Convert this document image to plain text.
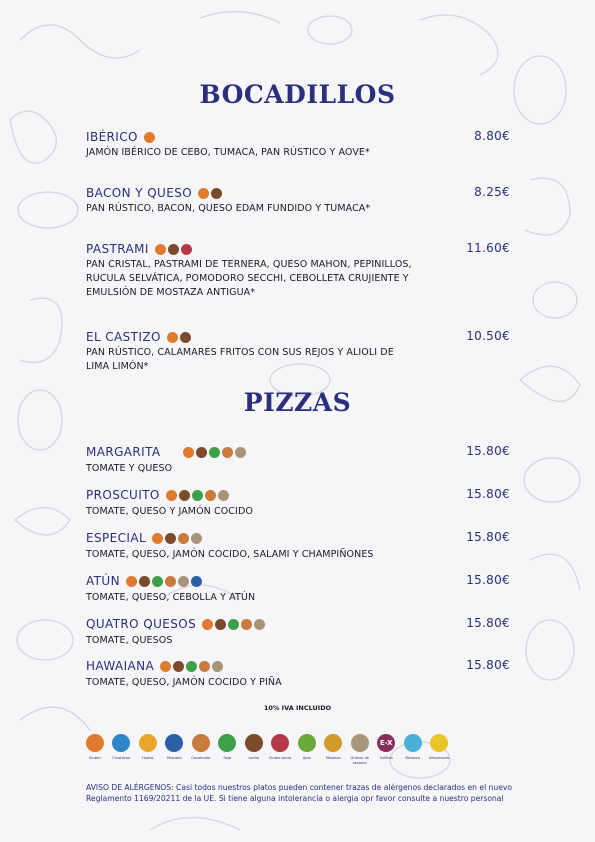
BOCADILLOS
IBÉRICO	8.80€
JAMÓN IBÉRICO DE CEBO, TUMACA, PAN RÚSTICO Y AOVE*
BACON Y QUESO	8.25€
PAN RÚSTICO, BACON, QUESO EDAM FUNDIDO Y TUMACA*
PASTRAMI	11.60€
PAN CRISTAL, PASTRAMI DE TERNERA, QUESO MAHON, PEPINILLOS,
RUCULA SELVÁTICA, POMODORO SECCHI, CEBOLLETA CRUJIENTE Y
EMULSIÓN DE MOSTAZA ANTIGUA*
EL CASTIZO	10.50€
PAN RÚSTICO, CALAMARES FRITOS CON SUS REJOS Y ALIOLI DE
LIMA LIMÓN*
PIZZAS
MARGARITA	15.80€
TOMATE Y QUESO
PROSCUITO	15.80€
TOMATE, QUESO Y JAMÓN COCIDO
ESPECIAL	15.80€
TOMATE, QUESO, JAMÓN COCIDO, SALAMI Y CHAMPIÑONES
ATÚN	15.80€
TOMATE, QUESO, CEBOLLA Y ATÚN
QUATRO QUESOS	15.80€
TOMATE, QUESOS
HAWAIANA	15.80€
TOMATE, QUESO, JAMÓN COCIDO Y PIÑA
10% IVA INCLUIDO
Gluten	Crustáceo	Huevo	Pescado	Cacahuete	Soja	Leche	Frutos secos	Apio	Mostaza	Granos de sesamo
E-X
Sulfitos	Molusco	Altramuces
AVISO DE ALÉRGENOS: Casi todos nuestros platos pueden contener trazas de alérgenos declarados en el nuevo
Reglamento 1169/20211 de la UE. Si tiene alguna intolerancia o alergia opr favor consulte a nuestro personal
